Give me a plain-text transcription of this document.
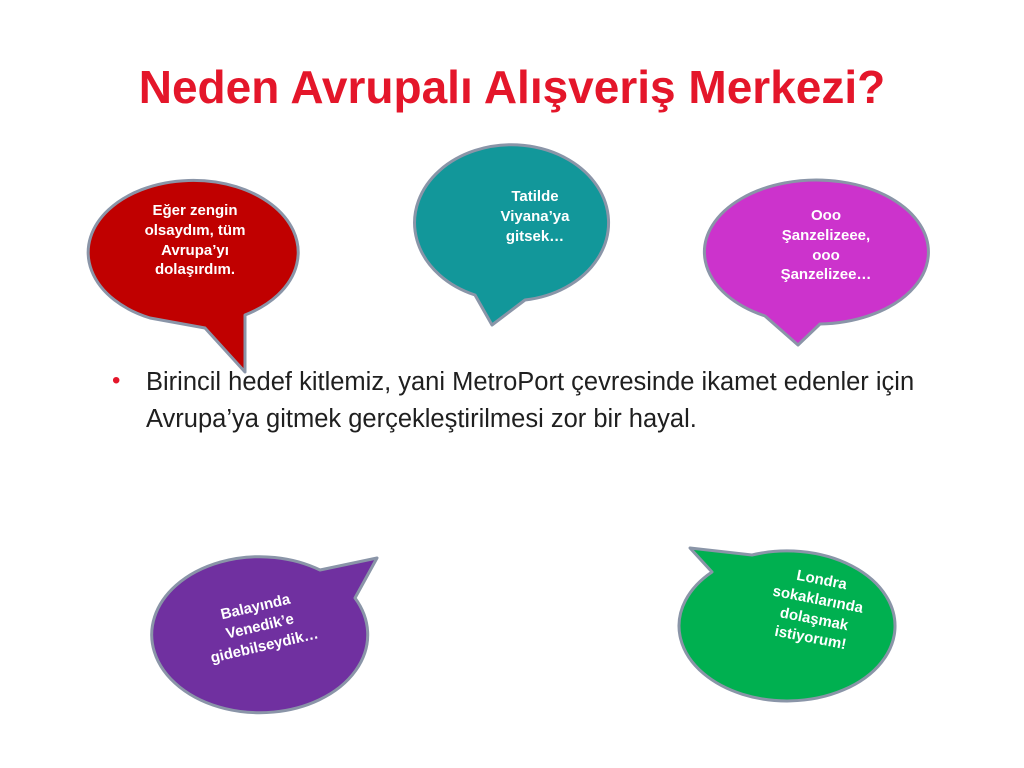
Neden Avrupalı Alışveriş Merkezi?
Eğer zengin
olsaydım, tüm
Avrupa’yı
dolaşırdım.
Tatilde
Viyana’ya
gitsek…
Ooo
Şanzelizeee,
ooo
Şanzelizee…
Balayında
Venedik’e
gidebilseydik…
Londra
sokaklarında
dolaşmak
istiyorum!
• Birincil hedef kitlemiz, yani MetroPort çevresinde ikamet edenler için Avrupa’ya gitmek gerçekleştirilmesi zor bir hayal.
